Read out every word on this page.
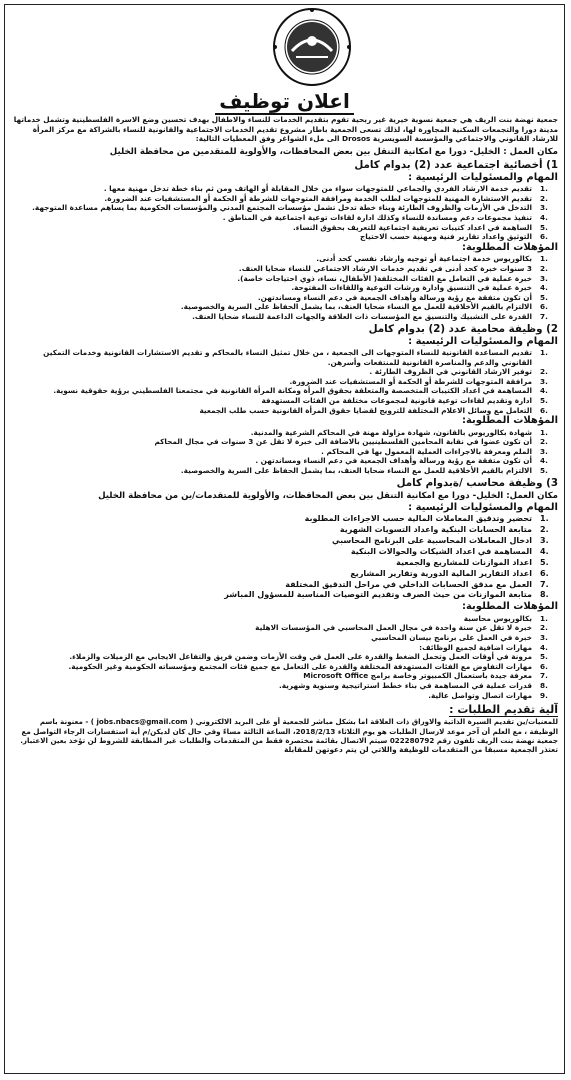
اعلان توظيف

جمعية نهضة بنت الريف هي جمعية نسوية خيرية غير ربحية تقوم بتقديم الخدمات للنساء والاطفال بهدف تحسين وضع الاسرة الفلسطينية وتشمل خدماتها مدينة دورا والتجمعات السكنية المجاورة لها، لذلك تسعى الجمعية باطار مشروع تقديم الخدمات الاجتماعية والقانونية للنساء بالشراكة مع مركز المرأة للارشاد القانوني والاجتماعي والمؤسسة السويسرية Drosos الى ملء الشواغر وفق المعطيات التالية:

مكان العمل : الخليل- دورا مع امكانية التنقل بين بعض المحافظات، والأولوية للمتقدمين من محافظة الخليل

1) أخصائية اجتماعية عدد (2) بدوام كامل

المهام والمسئوليات الرئيسية :

.1
تقديم خدمة الارشاد الفردي والجماعي للمتوجهات سواء من خلال المقابلة أو الهاتف ومن ثم بناء خطة تدخل مهنية معها .
.2
تقديم الاستشارة المهنية للمتوجهات لطلب الخدمة ومرافقة المتوجهات للشرطة أو الحكمة أو المستشفيات عند الضرورة.
.3
التدخل في الأزمات والظروف الطارئة وبناء خطة تدخل تشمل مؤسسات المجتمع المدني والمؤسسات الحكومية بما يساهم مساعدة المتوجهة.
.4
تنفيذ مجموعات دعم ومساندة للنساء وكذلك ادارة لقاءات توعية اجتماعية في المناطق .
.5
الساهمة في اعداد كتيبات تعريفية اجتماعية للتعريف بحقوق النساء.
.6
التوثيق واعداد تقارير فنية ومهنية حسب الاحتياج

المؤهلات المطلوبة:

.1
بكالوريوس خدمة اجتماعية أو توجيه وارشاد نفسي كحد أدنى.
.2
3 سنوات خبرة كحد أدنى في تقديم خدمات الارشاد الاجتماعي للنساء ضحايا العنف.
.3
خبرة عملية في التعامل مع الفئات المختلفة( الأطفال، نساء، ذوي احتياجات خاصة).
.4
خبرة عملية في التنسيق وادارة ورشات التوعية واللقاءات المفتوحة.
.5
أن تكون متفقة مع رؤية ورسالة وأهداف الجمعية في دعم النساء ومساندتهن.
.6
الالتزام بالقيم الأخلاقية للعمل مع النساء ضحايا العنف، بما يشمل الحفاظ على السرية والخصوصية.
.7
القدرة على التشبيك والتنسيق مع المؤسسات ذات العلاقة والجهات الداعمة للنساء ضحايا العنف.

2) وظيفة محامية عدد (2) بدوام كامل

المهام والمسئوليات الرئيسية :

.1
تقديم المساعدة القانونية للنساء المتوجهات الى الجمعية ، من خلال تمثيل النساء بالمحاكم و تقديم الاستشارات القانونية وخدمات التمكين القانوني والدعم والمناصرة القانونية للمنتفعات وأسرهن.
.2
توفير الارشاد القانوني في الظروف الطارئة .
.3
مرافقة المتوجهات للشرطة أو الحكمة أو المستشفيات عند الضرورة.
.4
المساهمة في اعداد الكتيبات المتخصصة والمتعلقة بحقوق المرأة ومكانة المرأة القانونية في مجتمعنا الفلسطيني برؤية حقوقية نسوية.
.5
ادارة وتقديم لقاءات توعية قانونية لمجموعات مختلفة من الفئات المستهدفة
.6
التعامل مع وسائل الاعلام المختلفة للترويج لقضايا حقوق المرأة القانونية حسب طلب الجمعية

المؤهلات المطلوبة:

.1
شهادة بكالوريوس بالقانون، شهادة مزاولة مهنة في المحاكم الشرعية والمدنية.
.2
أن تكون عضوا في نقابة المحامين الفلسطينيين بالاضافة الى خبرة لا تقل عن 3 سنوات في مجال المحاكم
.3
الملم ومعرفة بالاجراءات العملية المعمول بها في المحاكم .
.4
أن تكون متفقة مع رؤية ورسالة وأهداف الجمعية في دعم النساء ومساندتهن .
.5
الالتزام بالقيم الأخلاقية للعمل مع النساء ضحايا العنف، بما يشمل الحفاظ على السرية والخصوصية.

3) وظيفة محاسب /ةبدوام كامل

مكان العمل: الخليل- دورا مع امكانية التنقل بين بعض المحافظات، والأولوية للمتقدمات/ين من محافظة الخليل

المهام والمسئوليات الرئيسية :

.1
تحضير وتدقيق المعاملات المالية حسب الاجراءات المطلوبة
.2
متابعة الحسابات البنكية واعداد التسويات الشهرية
.3
ادخال المعاملات المحاسبية على البرنامج المحاسبي
.4
المساهمة في اعداد الشيكات والحوالات البنكية
.5
اعداد الموازنات للمشاريع والجمعية
.6
اعداد التقارير المالية الدورية وتقارير المشاريع
.7
العمل مع مدقق الحسابات الداخلي في مراحل التدقيق المختلفة
.8
متابعة الموازنات من حيث الصرف وتقديم التوصيات المناسبة للمسؤول المباشر

المؤهلات المطلوبة:

.1
بكالوريوس محاسبة
.2
خبرة لا تقل عن سنة واحدة في مجال العمل المحاسبي في المؤسسات الاهلية
.3
خبرة في العمل على برنامج بيسان المحاسبي
.4
مهارات اضافية لجميع الوظائف:
.5
مرونة في أوقات العمل وتحمل الضغط والقدرة على العمل في وقت الأزمات وضمن فريق والتفاعل الايجابي مع الزميلات والزملاء.
.6
مهارات التفاوض مع الفئات المستهدفة المختلفة والقدرة على التعامل مع جميع فئات المجتمع ومؤسساته الحكومية وغير الحكومية.
.7
معرفة جيدة باستعمال الكمبيوتر وخاصة برامج Microsoft Office
.8
قدرات عملية في المساهمة في بناء خطط استراتيجية وسنوية وشهرية.
.9
مهارات اتصال وتواصل عالية.

آلية تقديم الطلبات :

للمعنيات/ين تقديم السيرة الذاتية والاوراق ذات العلاقة اما بشكل مباشر للجمعية أو على البريد الالكتروني ( jobs.nbacs@gmail.com ) - معنونة باسم الوظيفة ، مع العلم أن آخر موعد لارسال الطلبات هو يوم الثلاثاء 2018/2/13، الساعة الثالثة مساءً وفي حال كان لديكن/م أية استفسارات الرجاء التواصل مع جمعية نهضة بنت الريف تلفون رقم 022280792 سيتم الاتصال بقائمة مختصرة فقط من المتقدمات والطلبات غير المطابقة للشروط لن تؤخذ بعين الاعتبار.

تعتذر الجمعية مسبقا من المتقدمات للوظيفة واللاتي لن يتم دعوتهن للمقابلة
